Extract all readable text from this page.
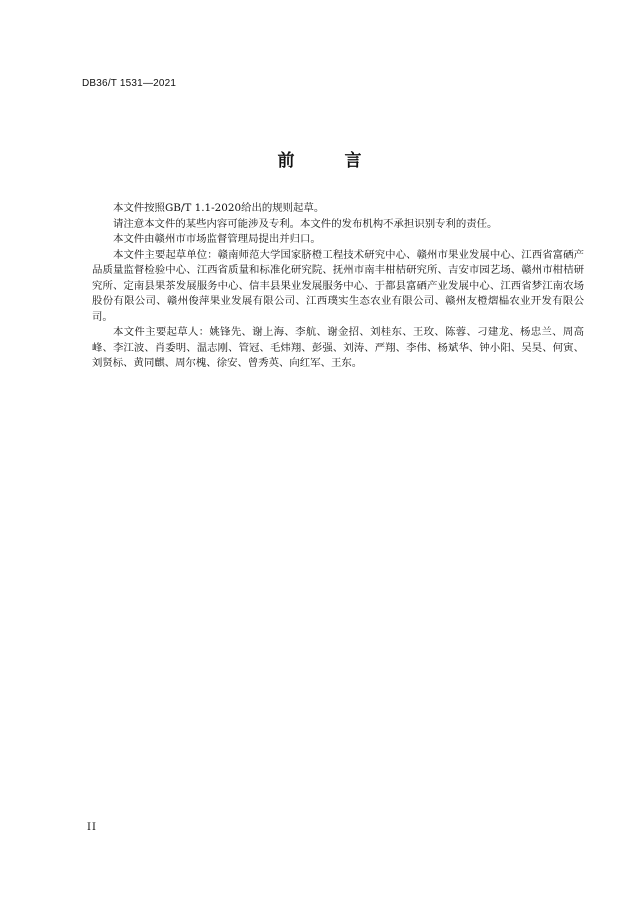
DB36/T 1531—2021
前 言

本文件按照GB/T 1.1-2020给出的规则起草。

请注意本文件的某些内容可能涉及专利。本文件的发布机构不承担识别专利的责任。

本文件由赣州市市场监督管理局提出并归口。

本文件主要起草单位：赣南师范大学国家脐橙工程技术研究中心、赣州市果业发展中心、江西省富硒产品质量监督检验中心、江西省质量和标准化研究院、抚州市南丰柑桔研究所、吉安市园艺场、赣州市柑桔研究所、定南县果茶发展服务中心、信丰县果业发展服务中心、于都县富硒产业发展中心、江西省梦江南农场股份有限公司、赣州俊萍果业发展有限公司、江西璞实生态农业有限公司、赣州友橙熠榀农业开发有限公司。

本文件主要起草人：姚锋先、谢上海、李航、谢金招、刘桂东、王玫、陈蓉、刁建龙、杨忠兰、周高峰、李江波、肖委明、温志刚、管冠、毛炜翔、彭强、刘涛、严翔、李伟、杨斌华、钟小阳、吴昊、何寅、刘贤标、黄同麒、周尔槐、徐安、曾秀英、向红军、王东。

II
